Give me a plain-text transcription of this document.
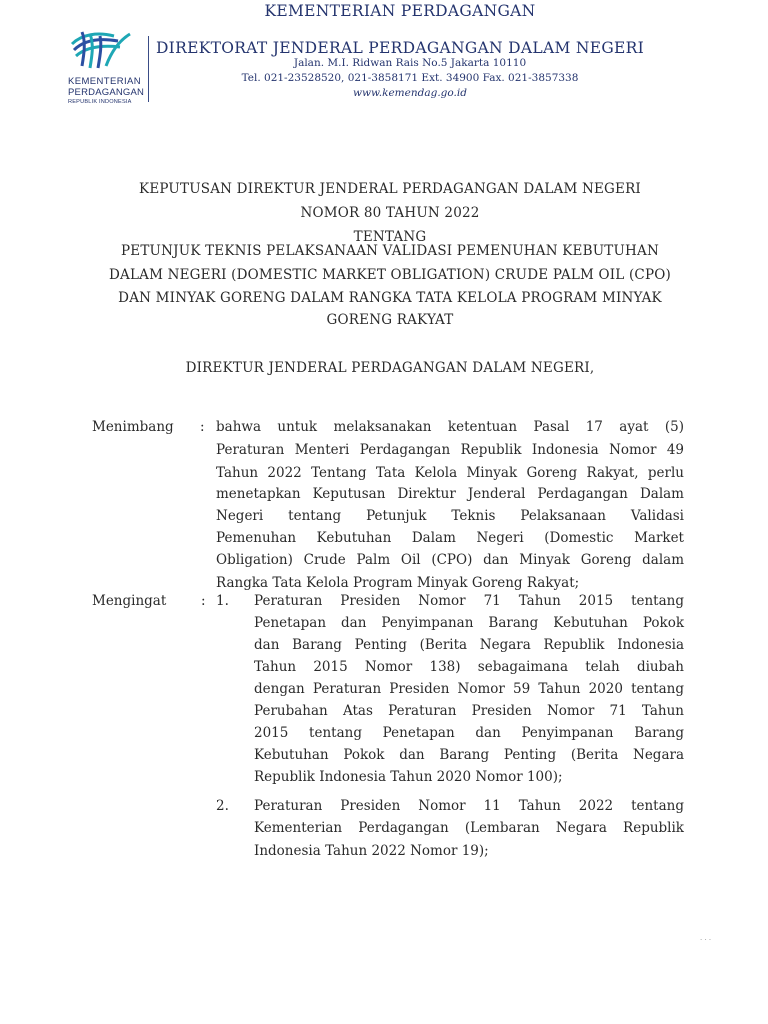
KEMENTERIAN
PERDAGANGAN
REPUBLIK INDONESIA
KEMENTERIAN PERDAGANGAN
DIREKTORAT JENDERAL PERDAGANGAN DALAM NEGERI
Jalan. M.I. Ridwan Rais No.5 Jakarta 10110
Tel. 021-23528520, 021-3858171 Ext. 34900 Fax. 021-3857338
www.kemendag.go.id
KEPUTUSAN DIREKTUR JENDERAL PERDAGANGAN DALAM NEGERI
NOMOR 80 TAHUN 2022
TENTANG
PETUNJUK TEKNIS PELAKSANAAN VALIDASI PEMENUHAN KEBUTUHAN
DALAM NEGERI (DOMESTIC MARKET OBLIGATION) CRUDE PALM OIL (CPO)
DAN MINYAK GORENG DALAM RANGKA TATA KELOLA PROGRAM MINYAK
GORENG RAKYAT
DIREKTUR JENDERAL PERDAGANGAN DALAM NEGERI,
Menimbang : bahwa untuk melaksanakan ketentuan Pasal 17 ayat (5)
Peraturan Menteri Perdagangan Republik Indonesia Nomor 49
Tahun 2022 Tentang Tata Kelola Minyak Goreng Rakyat, perlu
menetapkan Keputusan Direktur Jenderal Perdagangan Dalam
Negeri tentang Petunjuk Teknis Pelaksanaan Validasi
Pemenuhan Kebutuhan Dalam Negeri (Domestic Market
Obligation) Crude Palm Oil (CPO) dan Minyak Goreng dalam
Rangka Tata Kelola Program Minyak Goreng Rakyat;
Mengingat	: 1. Peraturan Presiden Nomor 71 Tahun 2015 tentang
Penetapan dan Penyimpanan Barang Kebutuhan Pokok
dan Barang Penting (Berita Negara Republik Indonesia
Tahun 2015 Nomor 138) sebagaimana telah diubah
dengan Peraturan Presiden Nomor 59 Tahun 2020 tentang
Perubahan Atas Peraturan Presiden Nomor 71 Tahun
2015 tentang Penetapan dan Penyimpanan Barang
Kebutuhan Pokok dan Barang Penting (Berita Negara
Republik Indonesia Tahun 2020 Nomor 100);
2. Peraturan Presiden Nomor 11 Tahun 2022 tentang
Kementerian Perdagangan (Lembaran Negara Republik
Indonesia Tahun 2022 Nomor 19);
· · ·
